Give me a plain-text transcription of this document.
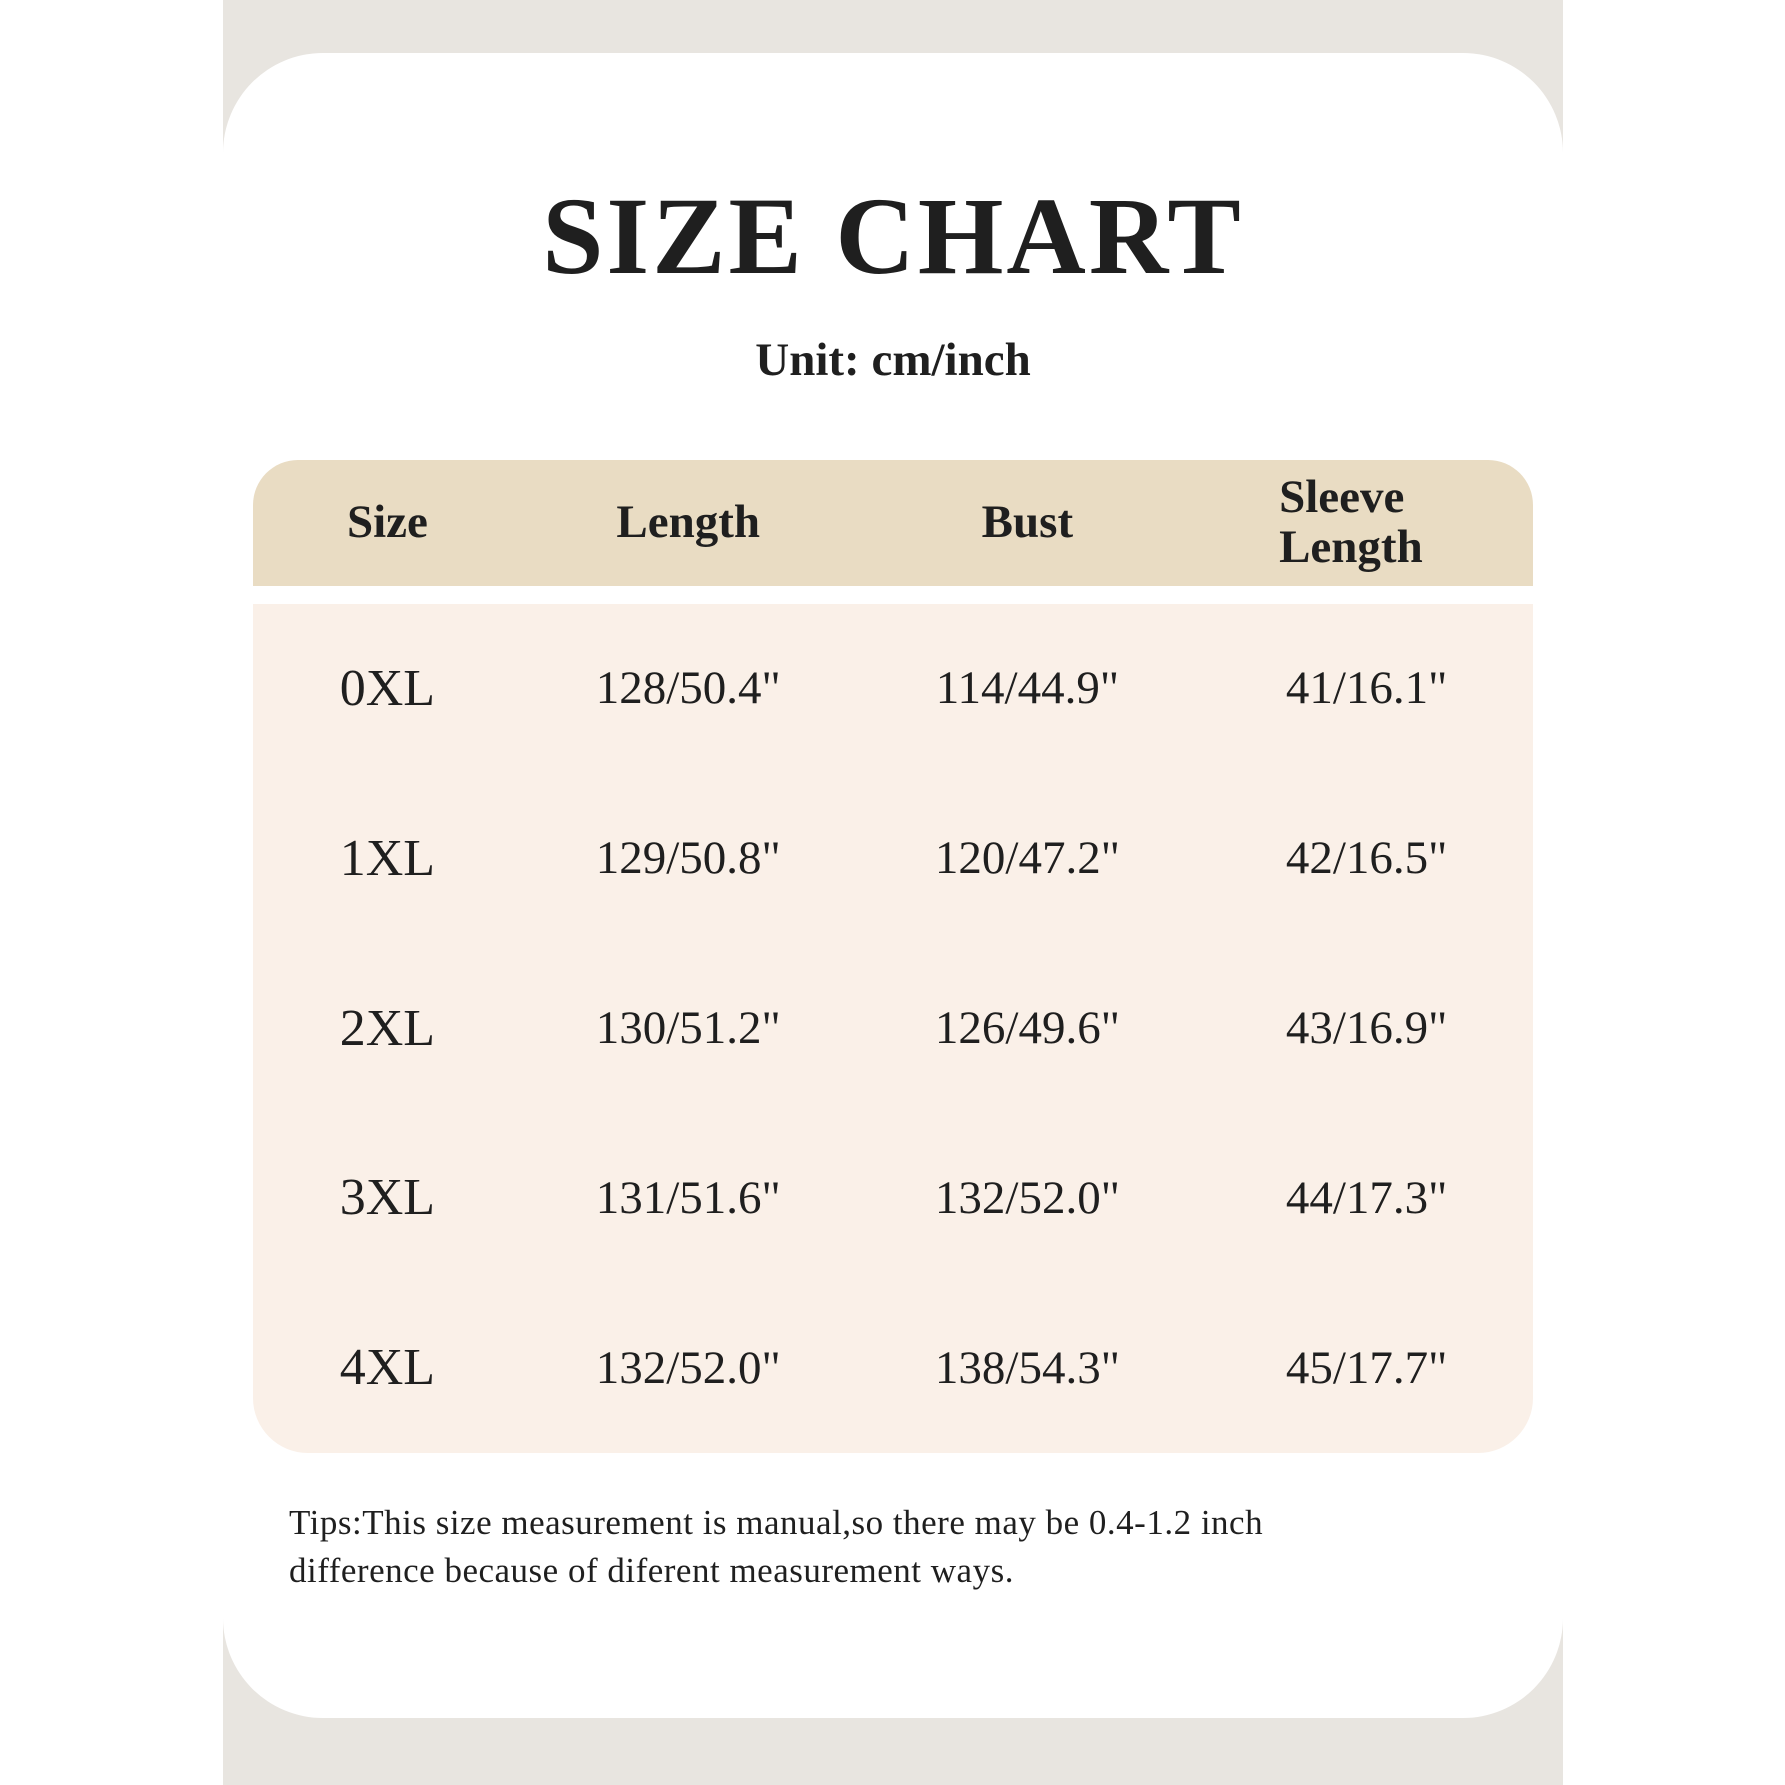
SIZE CHART
Unit: cm/inch
Size	Length	Bust	Sleeve Length
0XL	128/50.4"	114/44.9"	41/16.1"
1XL	129/50.8"	120/47.2"	42/16.5"
2XL	130/51.2"	126/49.6"	43/16.9"
3XL	131/51.6"	132/52.0"	44/17.3"
4XL	132/52.0"	138/54.3"	45/17.7"
Tips:This size measurement is manual,so there may be 0.4-1.2 inch difference because of diferent measurement ways.
